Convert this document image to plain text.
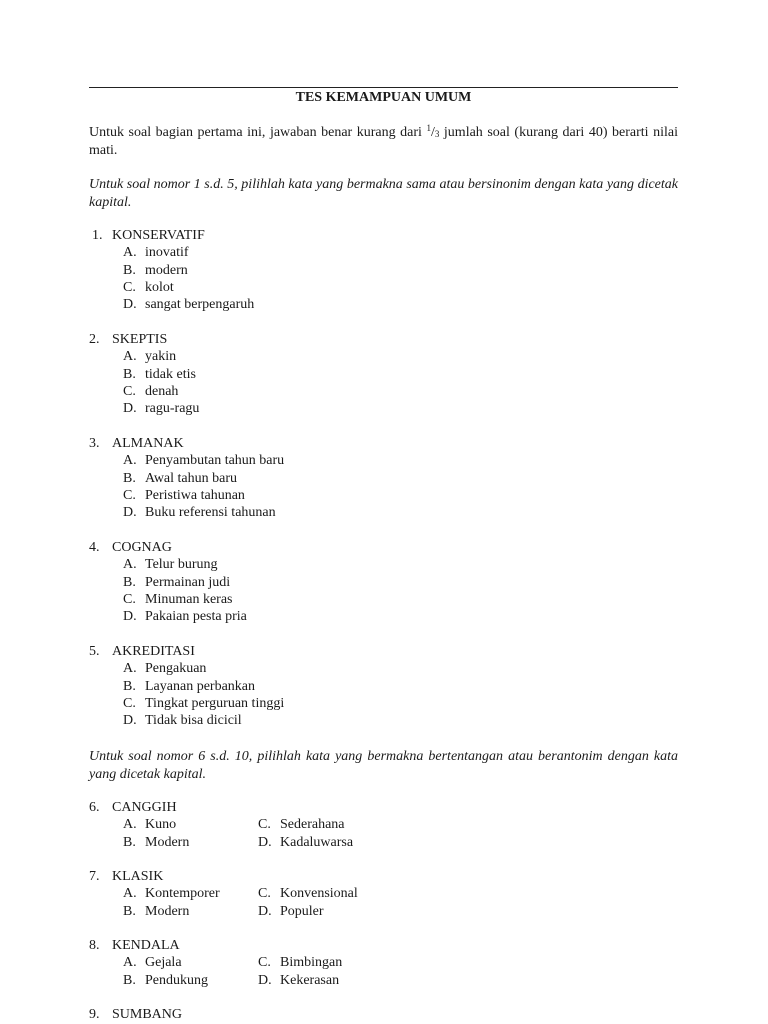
TES KEMAMPUAN UMUM
Untuk soal bagian pertama ini, jawaban benar kurang dari $^1/_3$ jumlah soal (kurang dari 40) berarti nilai mati.
Untuk soal nomor 1 s.d. 5, pilihlah kata yang bermakna sama atau bersinonim dengan kata yang dicetak kapital.
1. KONSERVATIF
A. inovatif
B. modern
C. kolot
D. sangat berpengaruh
2. SKEPTIS
A. yakin
B. tidak etis
C. denah
D. ragu-ragu
3. ALMANAK
A. Penyambutan tahun baru
B. Awal tahun baru
C. Peristiwa tahunan
D. Buku referensi tahunan
4. COGNAG
A. Telur burung
B. Permainan judi
C. Minuman keras
D. Pakaian pesta pria
5. AKREDITASI
A. Pengakuan
B. Layanan perbankan
C. Tingkat perguruan tinggi
D. Tidak bisa dicicil
Untuk soal nomor 6 s.d. 10, pilihlah kata yang bermakna bertentangan atau berantonim dengan kata yang dicetak kapital.
6. CANGGIH
A. Kuno	C. Sederahana
B. Modern	D. Kadaluwarsa
7. KLASIK
A. Kontemporer	C. Konvensional
B. Modern	D. Populer
8. KENDALA
A. Gejala	C. Bimbingan
B. Pendukung	D. Kekerasan
9. SUMBANG
